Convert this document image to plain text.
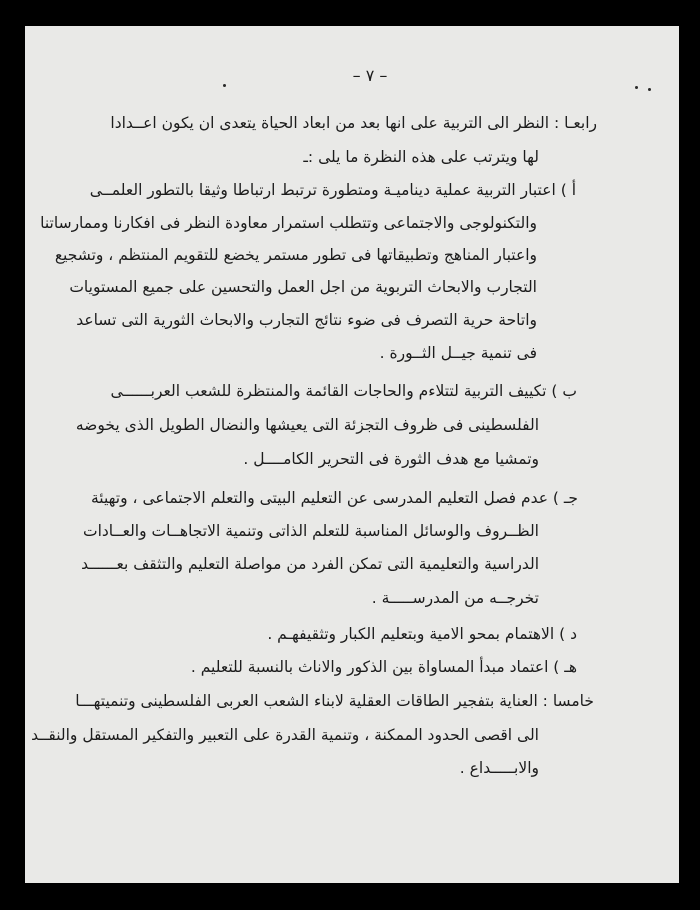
– ٧ –
رابعـا : النظر الى التربية على انها بعد من ابعاد الحياة يتعدى ان يكون اعــدادا
لها ويترتب على هذه النظرة ما يلى :ـ
أ ) اعتبار التربية عملية ديناميـة ومتطورة ترتبط ارتباطا وثيقا بالتطور العلمــى
والتكنولوجى والاجتماعى وتتطلب استمرار معاودة النظر فى افكارنا وممارساتنا
واعتبار المناهج وتطبيقاتها فى تطور مستمر يخضع للتقويم المنتظم ، وتشجيع
التجارب والابحاث التربوية من اجل العمل والتحسين على جميع المستويات
واتاحة حرية التصرف فى ضوء نتائج التجارب والابحاث الثورية التى تساعد
فى تنمية جيــل الثــورة .
ب ) تكييف التربية لتتلاءم والحاجات القائمة والمنتظرة للشعب العربــــــى
الفلسطينى فى ظروف التجزئة التى يعيشها والنضال الطويل الذى يخوضه
وتمشيا مع هدف الثورة فى التحرير الكامــــل .
جـ ) عدم فصل التعليم المدرسى عن التعليم البيتى والتعلم الاجتماعى ، وتهيئة
الظــروف والوسائل المناسبة للتعلم الذاتى وتنمية الاتجاهــات والعــادات
الدراسية والتعليمية التى تمكن الفرد من مواصلة التعليم والتثقف بعــــــد
تخرجــه من المدرســـــة .
د ) الاهتمام بمحو الامية وبتعليم الكبار وتثقيفهـم .
هـ ) اعتماد مبدأ المساواة بين الذكور والاناث بالنسبة للتعليم .
خامسا : العناية بتفجير الطاقات العقلية لابناء الشعب العربى الفلسطينى وتنميتهـــا
الى اقصى الحدود الممكنة ، وتنمية القدرة على التعبير والتفكير المستقل والنقــد
والابـــــداع .
